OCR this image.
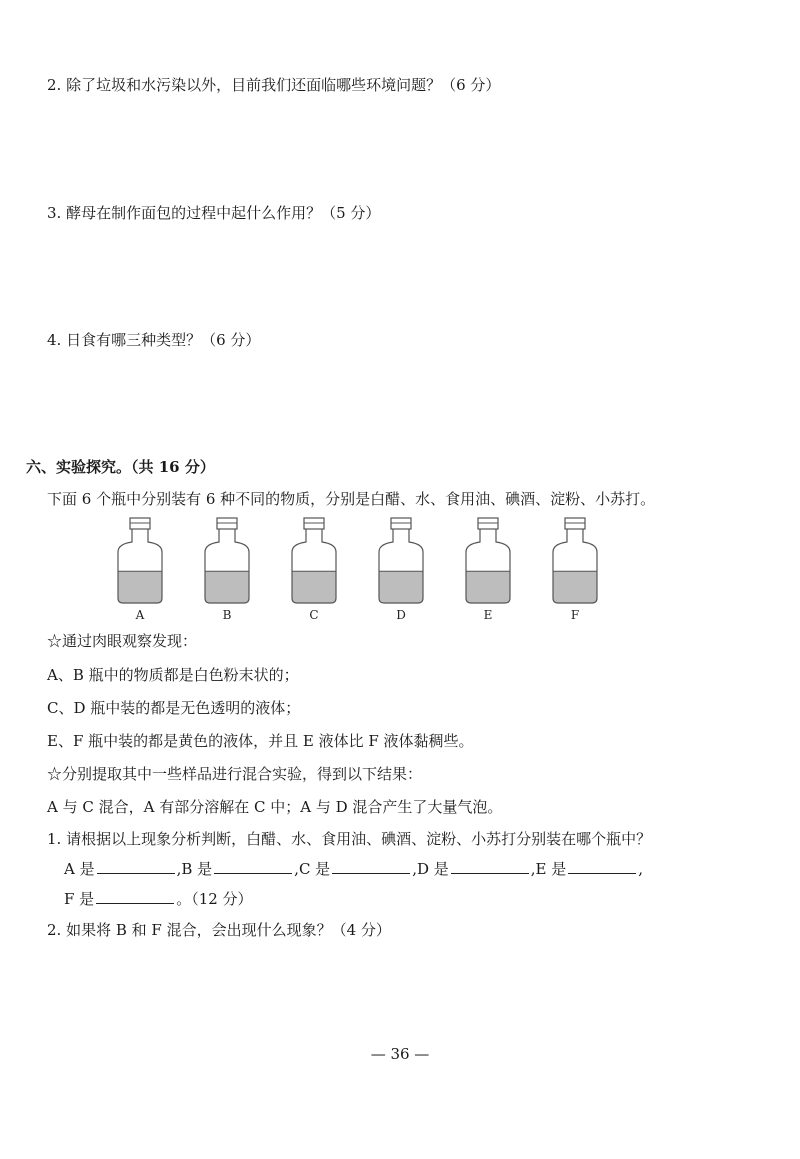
2. 除了垃圾和水污染以外，目前我们还面临哪些环境问题？（6 分）
3. 酵母在制作面包的过程中起什么作用？（5 分）
4. 日食有哪三种类型？（6 分）
六、实验探究。（共 16 分）
下面 6 个瓶中分别装有 6 种不同的物质，分别是白醋、水、食用油、碘酒、淀粉、小苏打。
A	B	C	D	E	F
☆通过肉眼观察发现：
A、B 瓶中的物质都是白色粉末状的；
C、D 瓶中装的都是无色透明的液体；
E、F 瓶中装的都是黄色的液体，并且 E 液体比 F 液体黏稠些。
☆分别提取其中一些样品进行混合实验，得到以下结果：
A 与 C 混合，A 有部分溶解在 C 中；A 与 D 混合产生了大量气泡。
1. 请根据以上现象分析判断，白醋、水、食用油、碘酒、淀粉、小苏打分别装在哪个瓶中？
A 是	,B 是	,C 是	,D 是	,E 是	,
F 是	。（12 分）
2. 如果将 B 和 F 混合，会出现什么现象？（4 分）
— 36 —
